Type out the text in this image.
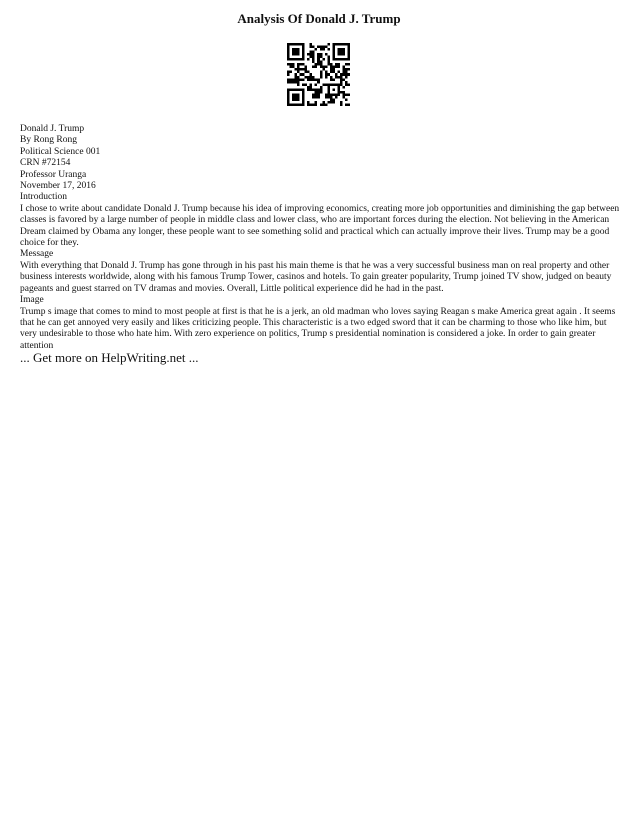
Analysis Of Donald J. Trump
Donald J. Trump
By Rong Rong
Political Science 001
CRN #72154
Professor Uranga
November 17, 2016
Introduction
I chose to write about candidate Donald J. Trump because his idea of improving economics, creating more job opportunities and diminishing the gap between classes is favored by a large number of people in middle class and lower class, who are important forces during the election. Not believing in the American Dream claimed by Obama any longer, these people want to see something solid and practical which can actually improve their lives. Trump may be a good choice for they.
Message
With everything that Donald J. Trump has gone through in his past his main theme is that he was a very successful business man on real property and other business interests worldwide, along with his famous Trump Tower, casinos and hotels. To gain greater popularity, Trump joined TV show, judged on beauty pageants and guest starred on TV dramas and movies. Overall, Little political experience did he had in the past.
Image
Trump s image that comes to mind to most people at first is that he is a jerk, an old madman who loves saying Reagan s make America great again . It seems that he can get annoyed very easily and likes criticizing people. This characteristic is a two edged sword that it can be charming to those who like him, but very undesirable to those who hate him. With zero experience on politics, Trump s presidential nomination is considered a joke. In order to gain greater attention
... Get more on HelpWriting.net ...
